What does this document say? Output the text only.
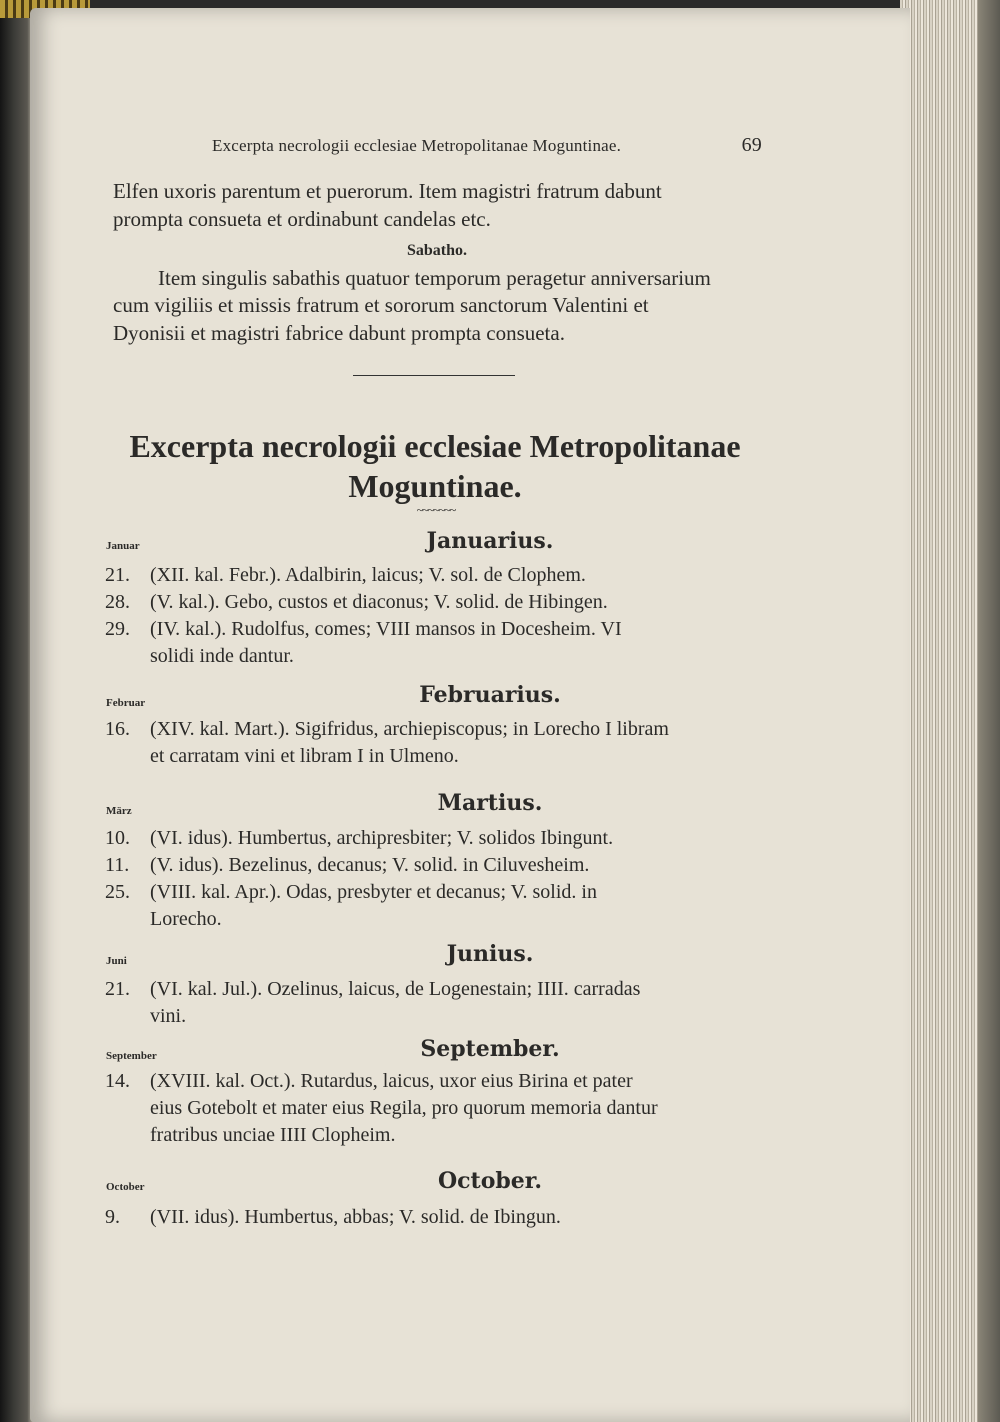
Excerpta necrologii ecclesiae Metropolitanae Moguntinae.	69
Elfen uxoris parentum et puerorum. Item magistri fratrum dabunt
prompta consueta et ordinabunt candelas etc.
Sabatho.
Item singulis sabathis quatuor temporum peragetur anniversarium
cum vigiliis et missis fratrum et sororum sanctorum Valentini et
Dyonisii et magistri fabrice dabunt prompta consueta.
Excerpta necrologii ecclesiae Metropolitanae
Moguntinae.
~~~~~~~
Januar	Januarius.
21. (XII. kal. Febr.). Adalbirin, laicus; V. sol. de Clophem.
28. (V. kal.). Gebo, custos et diaconus; V. solid. de Hibingen.
29. (IV. kal.). Rudolfus, comes; VIII mansos in Docesheim. VI
solidi inde dantur.
Februar	Februarius.
16. (XIV. kal. Mart.). Sigifridus, archiepiscopus; in Lorecho I libram
et carratam vini et libram I in Ulmeno.
März	Martius.
10. (VI. idus). Humbertus, archipresbiter; V. solidos Ibingunt.
11. (V. idus). Bezelinus, decanus; V. solid. in Ciluvesheim.
25. (VIII. kal. Apr.). Odas, presbyter et decanus; V. solid. in
Lorecho.
Juni	Junius.
21. (VI. kal. Jul.). Ozelinus, laicus, de Logenestain; IIII. carradas
vini.
September	September.
14. (XVIII. kal. Oct.). Rutardus, laicus, uxor eius Birina et pater
eius Gotebolt et mater eius Regila, pro quorum memoria dantur
fratribus unciae IIII Clopheim.
October	October.
9. (VII. idus). Humbertus, abbas; V. solid. de Ibingun.
